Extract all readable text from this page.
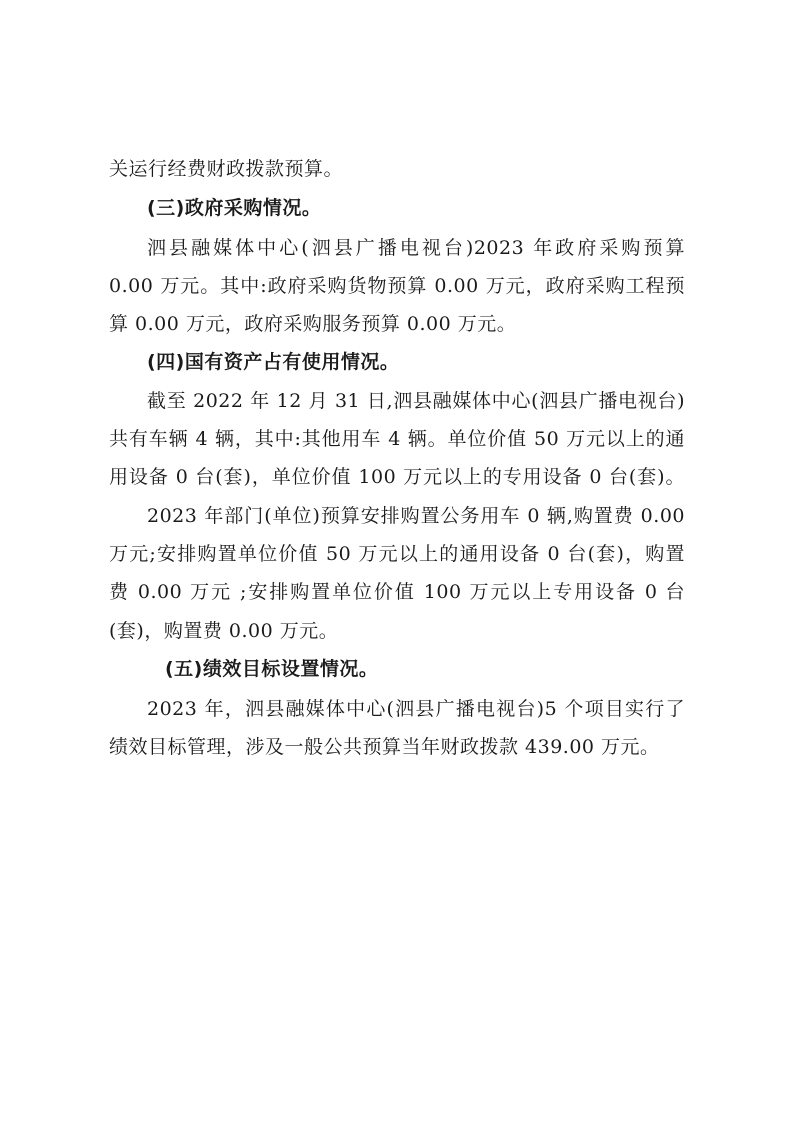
关运行经费财政拨款预算。
(三)政府采购情况。
泗县融媒体中心(泗县广播电视台)2023 年政府采购预算
0.00 万元。其中:政府采购货物预算 0.00 万元，政府采购工程预
算 0.00 万元，政府采购服务预算 0.00 万元。
(四)国有资产占有使用情况。
截至 2022 年 12 月 31 日,泗县融媒体中心(泗县广播电视台)
共有车辆 4 辆，其中:其他用车 4 辆。单位价值 50 万元以上的通
用设备 0 台(套)，单位价值 100 万元以上的专用设备 0 台(套)。
2023 年部门(单位)预算安排购置公务用车 0 辆,购置费 0.00
万元;安排购置单位价值 50 万元以上的通用设备 0 台(套)，购置
费 0.00 万元 ;安排购置单位价值 100 万元以上专用设备 0 台
(套)，购置费 0.00 万元。
(五)绩效目标设置情况。
2023 年，泗县融媒体中心(泗县广播电视台)5 个项目实行了
绩效目标管理，涉及一般公共预算当年财政拨款 439.00 万元。
